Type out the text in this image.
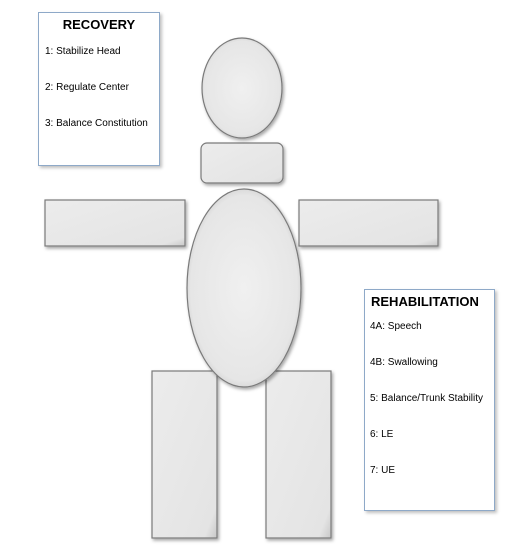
RECOVERY
1: Stabilize Head
2: Regulate Center
3: Balance Constitution
REHABILITATION
4A: Speech
4B: Swallowing
5: Balance/Trunk Stability
6: LE
7: UE
